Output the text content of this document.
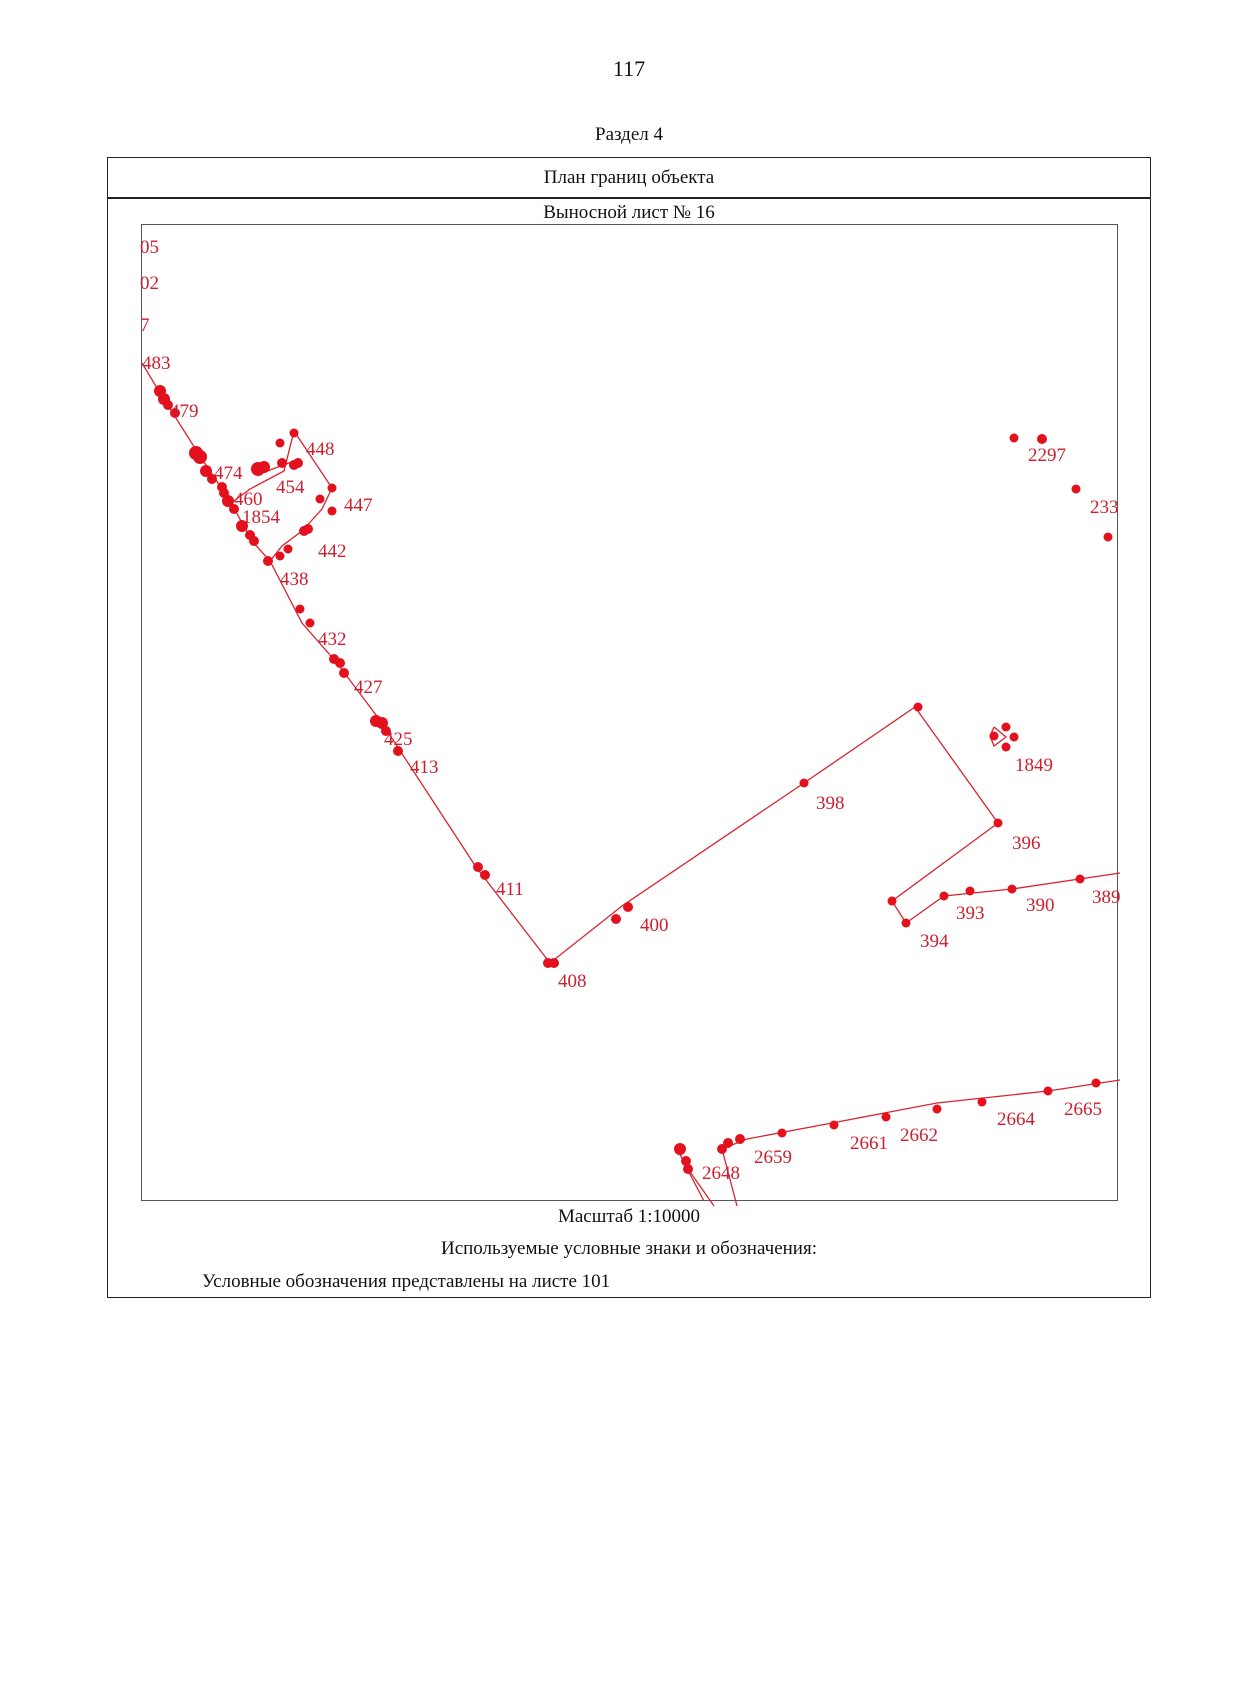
117
Раздел 4
План границ объекта
Выносной лист № 16
05
02
7
483
479
474
454
448
447
460
1854
442
438
432
427
425
413
411
408
400
398
396
393 390 389
394
1849
2297
233
2648
2659
2661 2662
2664 2665
Масштаб 1:10000
Используемые условные знаки и обозначения:
Условные обозначения представлены на листе 101
